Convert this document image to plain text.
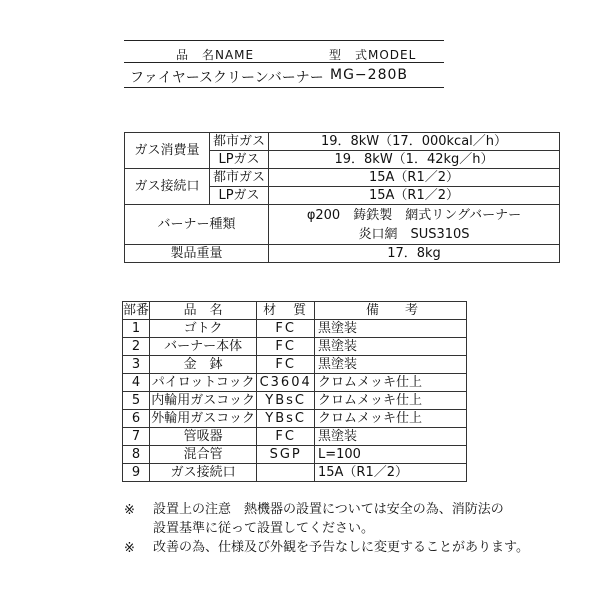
品　名NAME	型　式MODEL
ファイヤースクリーンバーナー MG−280B
ガス消費量	都市ガス	19．8kW（17．000kcal／h）
	LPガス	19．8kW（1．42kg／h）
ガス接続口	都市ガス	15A（R1／2）
	LPガス	15A（R1／2）
バーナー種類		φ200　鋳鉄製　網式リングバーナー
炎口網　SUS310S

製品重量		17．8kg
部番	品　名	材　質	備　　考
1	ゴトク	FC	黒塗装
2	バーナー本体	FC	黒塗装
3	金　鉢	FC	黒塗装
4	パイロットコック	C3604	クロムメッキ仕上
5	内輪用ガスコック	YBsC	クロムメッキ仕上
6	外輪用ガスコック	YBsC	クロムメッキ仕上
7	管吸器	FC	黒塗装
8	混合管	SGP	L=100
9	ガス接続口		15A（R1／2）
※ 設置上の注意　熱機器の設置については安全の為、消防法の
設置基準に従って設置してください。
※ 改善の為、仕様及び外観を予告なしに変更することがあります。
